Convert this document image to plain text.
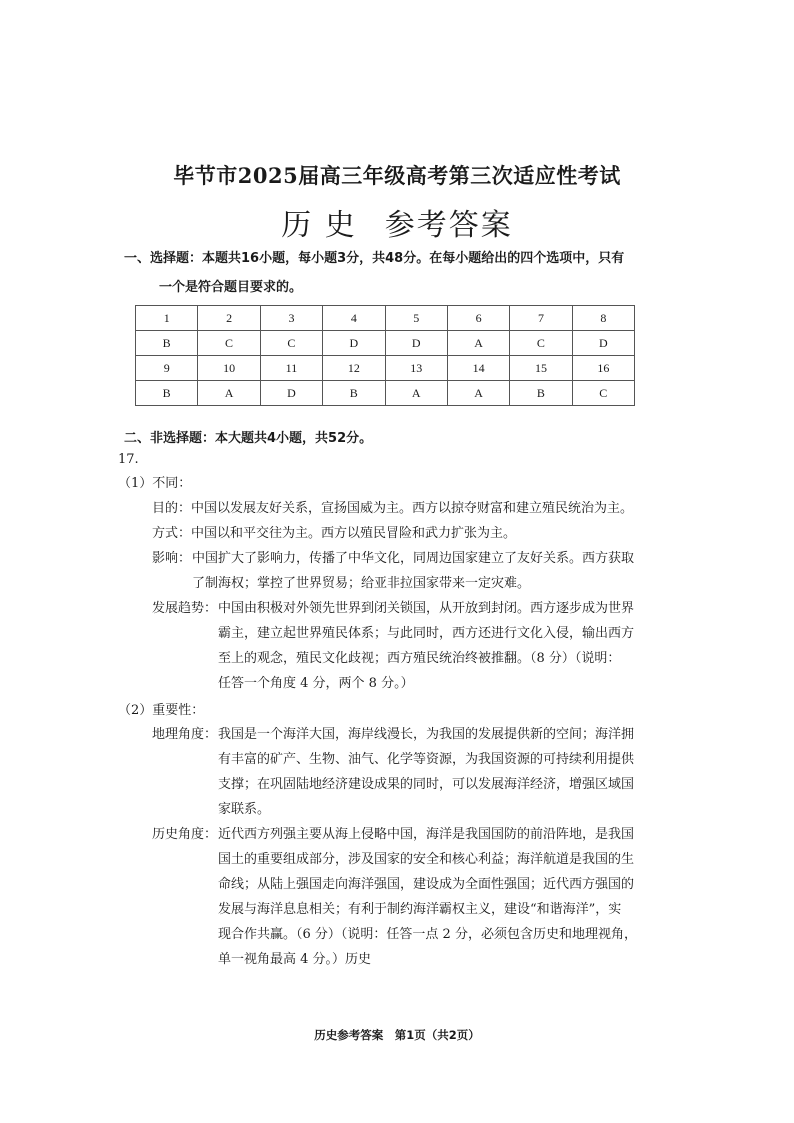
毕节市2025届高三年级高考第三次适应性考试
历 史 参考答案
一、选择题：本题共16小题，每小题3分，共48分。在每小题给出的四个选项中，只有
一个是符合题目要求的。
1	2	3	4	5	6	7	8
B	C	C	D	D	A	C	D
9	10	11	12	13	14	15	16
B	A	D	B	A	A	B	C
二、非选择题：本大题共4小题，共52分。
17.
（1）不同：
目的：中国以发展友好关系，宣扬国威为主。西方以掠夺财富和建立殖民统治为主。
方式：中国以和平交往为主。西方以殖民冒险和武力扩张为主。
影响： 中国扩大了影响力，传播了中华文化，同周边国家建立了友好关系。西方获取
了制海权；掌控了世界贸易；给亚非拉国家带来一定灾难。
发展趋势： 中国由积极对外领先世界到闭关锁国，从开放到封闭。西方逐步成为世界
霸主，建立起世界殖民体系；与此同时，西方还进行文化入侵，输出西方
至上的观念，殖民文化歧视；西方殖民统治终被推翻。（8 分）（说明：
任答一个角度 4 分，两个 8 分。）
（2）重要性：
地理角度： 我国是一个海洋大国，海岸线漫长，为我国的发展提供新的空间；海洋拥
有丰富的矿产、生物、油气、化学等资源，为我国资源的可持续利用提供
支撑；在巩固陆地经济建设成果的同时，可以发展海洋经济，增强区域国
家联系。
历史角度： 近代西方列强主要从海上侵略中国，海洋是我国国防的前沿阵地，是我国
国土的重要组成部分，涉及国家的安全和核心利益；海洋航道是我国的生
命线；从陆上强国走向海洋强国，建设成为全面性强国；近代西方强国的
发展与海洋息息相关；有利于制约海洋霸权主义，建设“和谐海洋”，实
现合作共赢。（6 分）（说明：任答一点 2 分，必须包含历史和地理视角，
单一视角最高 4 分。）历史
历史参考答案　第1页（共2页）
